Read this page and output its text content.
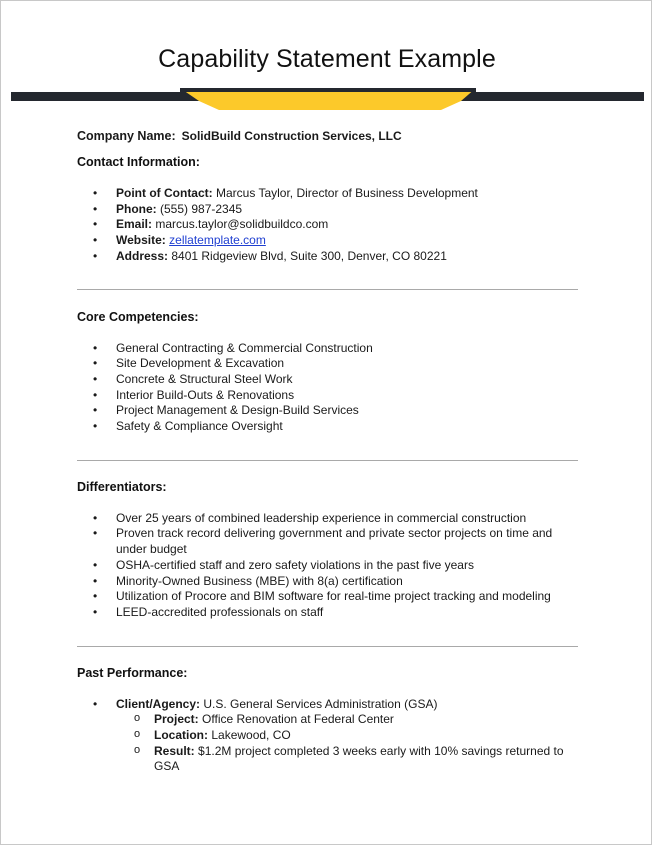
Capability Statement Example
Company Name: SolidBuild Construction Services, LLC
Contact Information:
• Point of Contact: Marcus Taylor, Director of Business Development
• Phone: (555) 987-2345
• Email: marcus.taylor@solidbuildco.com
• Website: zellatemplate.com
• Address: 8401 Ridgeview Blvd, Suite 300, Denver, CO 80221
Core Competencies:
• General Contracting & Commercial Construction
• Site Development & Excavation
• Concrete & Structural Steel Work
• Interior Build-Outs & Renovations
• Project Management & Design-Build Services
• Safety & Compliance Oversight
Differentiators:
• Over 25 years of combined leadership experience in commercial construction
• Proven track record delivering government and private sector projects on time and under budget
• OSHA-certified staff and zero safety violations in the past five years
• Minority-Owned Business (MBE) with 8(a) certification
• Utilization of Procore and BIM software for real-time project tracking and modeling
• LEED-accredited professionals on staff
Past Performance:
• Client/Agency: U.S. General Services Administration (GSA)
o Project: Office Renovation at Federal Center
o Location: Lakewood, CO
o Result: $1.2M project completed 3 weeks early with 10% savings returned to GSA
